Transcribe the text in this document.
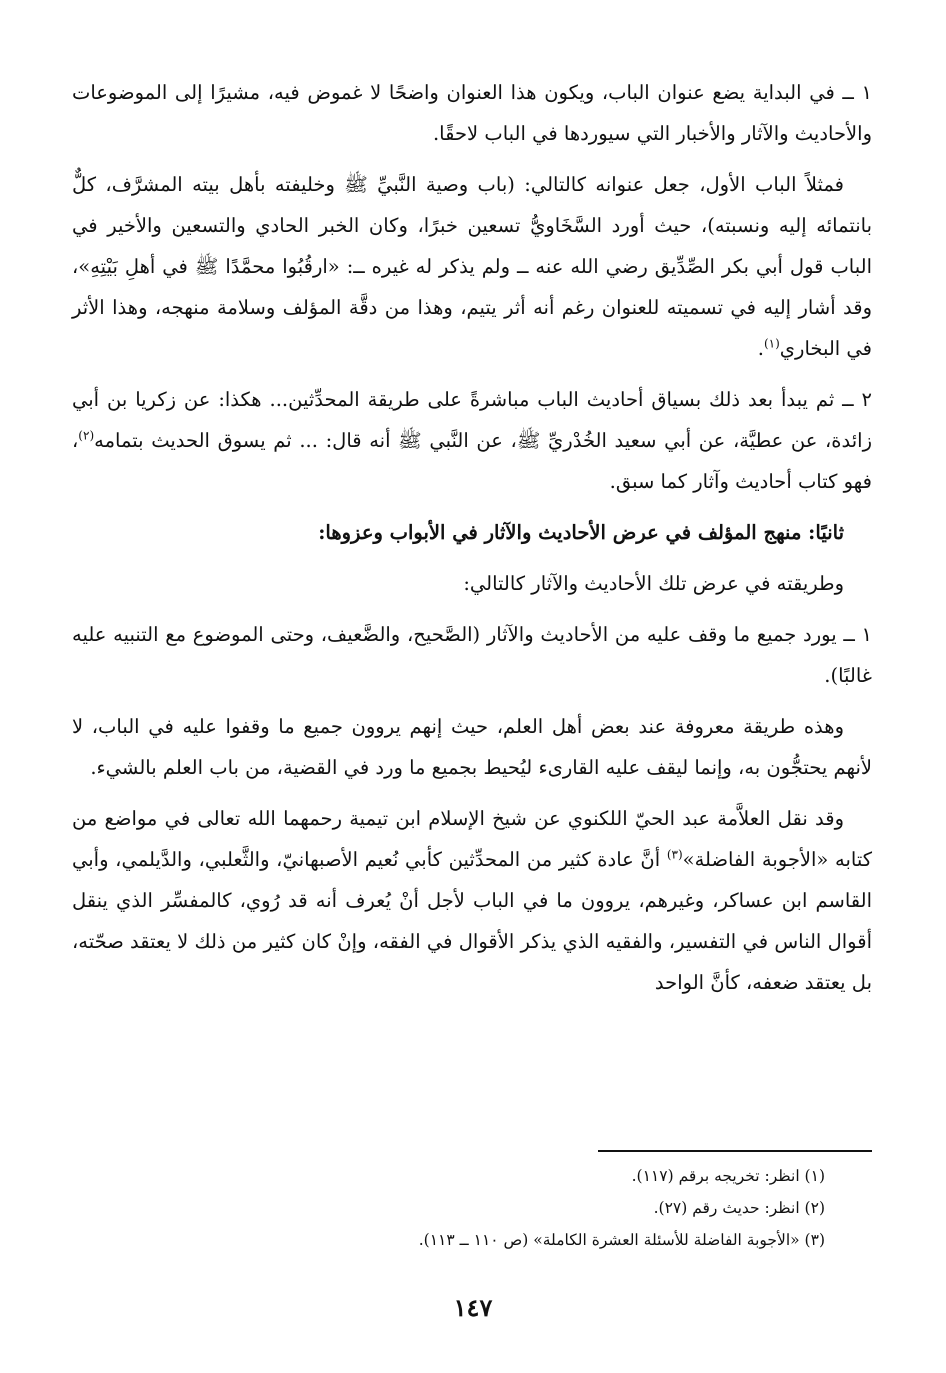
١ ــ في البداية يضع عنوان الباب، ويكون هذا العنوان واضحًا لا غموض فيه، مشيرًا إلى الموضوعات والأحاديث والآثار والأخبار التي سيوردها في الباب لاحقًا.

فمثلاً الباب الأول، جعل عنوانه كالتالي: (باب وصية النَّبيِّ ﷺ وخليفته بأهل بيته المشرَّف، كلٌّ بانتمائه إليه ونسبته)، حيث أورد السَّخَاويُّ تسعين خبرًا، وكان الخبر الحادي والتسعين والأخير في الباب قول أبي بكر الصِّدِّيق رضي الله عنه ــ ولم يذكر له غيره ــ: «ارقُبُوا محمَّدًا ﷺ في أهلِ بَيْتِهِ»، وقد أشار إليه في تسميته للعنوان رغم أنه أثر يتيم، وهذا من دقَّة المؤلف وسلامة منهجه، وهذا الأثر في البخاري$^{(١)}$.

٢ ــ ثم يبدأ بعد ذلك بسياق أحاديث الباب مباشرةً على طريقة المحدِّثين... هكذا: عن زكريا بن أبي زائدة، عن عطيَّة، عن أبي سعيد الخُدْريِّ ﷺ، عن النَّبي ﷺ أنه قال: ... ثم يسوق الحديث بتمامه$^{(٢)}$، فهو كتاب أحاديث وآثار كما سبق.

ثانيًا: منهج المؤلف في عرض الأحاديث والآثار في الأبواب وعزوها:

وطريقته في عرض تلك الأحاديث والآثار كالتالي:

١ ــ يورد جميع ما وقف عليه من الأحاديث والآثار (الصَّحيح، والضَّعيف، وحتى الموضوع مع التنبيه عليه غالبًا).

وهذه طريقة معروفة عند بعض أهل العلم، حيث إنهم يروون جميع ما وقفوا عليه في الباب، لا لأنهم يحتجُّون به، وإنما ليقف عليه القارىء ليُحيط بجميع ما ورد في القضية، من باب العلم بالشيء.

وقد نقل العلاَّمة عبد الحيّ اللكنوي عن شيخ الإسلام ابن تيمية رحمهما الله تعالى في مواضع من كتابه «الأجوبة الفاضلة»$^{(٣)}$ أنَّ عادة كثير من المحدِّثين كأبي نُعيم الأصبهانيّ، والثَّعلبي، والدَّيلمي، وأبي القاسم ابن عساكر، وغيرهم، يروون ما في الباب لأجل أنْ يُعرف أنه قد رُوي، كالمفسِّر الذي ينقل أقوال الناس في التفسير، والفقيه الذي يذكر الأقوال في الفقه، وإنْ كان كثير من ذلك لا يعتقد صحّته، بل يعتقد ضعفه، كأنَّ الواحد

(١) انظر: تخريجه برقم (١١٧).

(٢) انظر: حديث رقم (٢٧).

(٣) «الأجوبة الفاضلة للأسئلة العشرة الكاملة» (ص ١١٠ ــ ١١٣).

١٤٧
